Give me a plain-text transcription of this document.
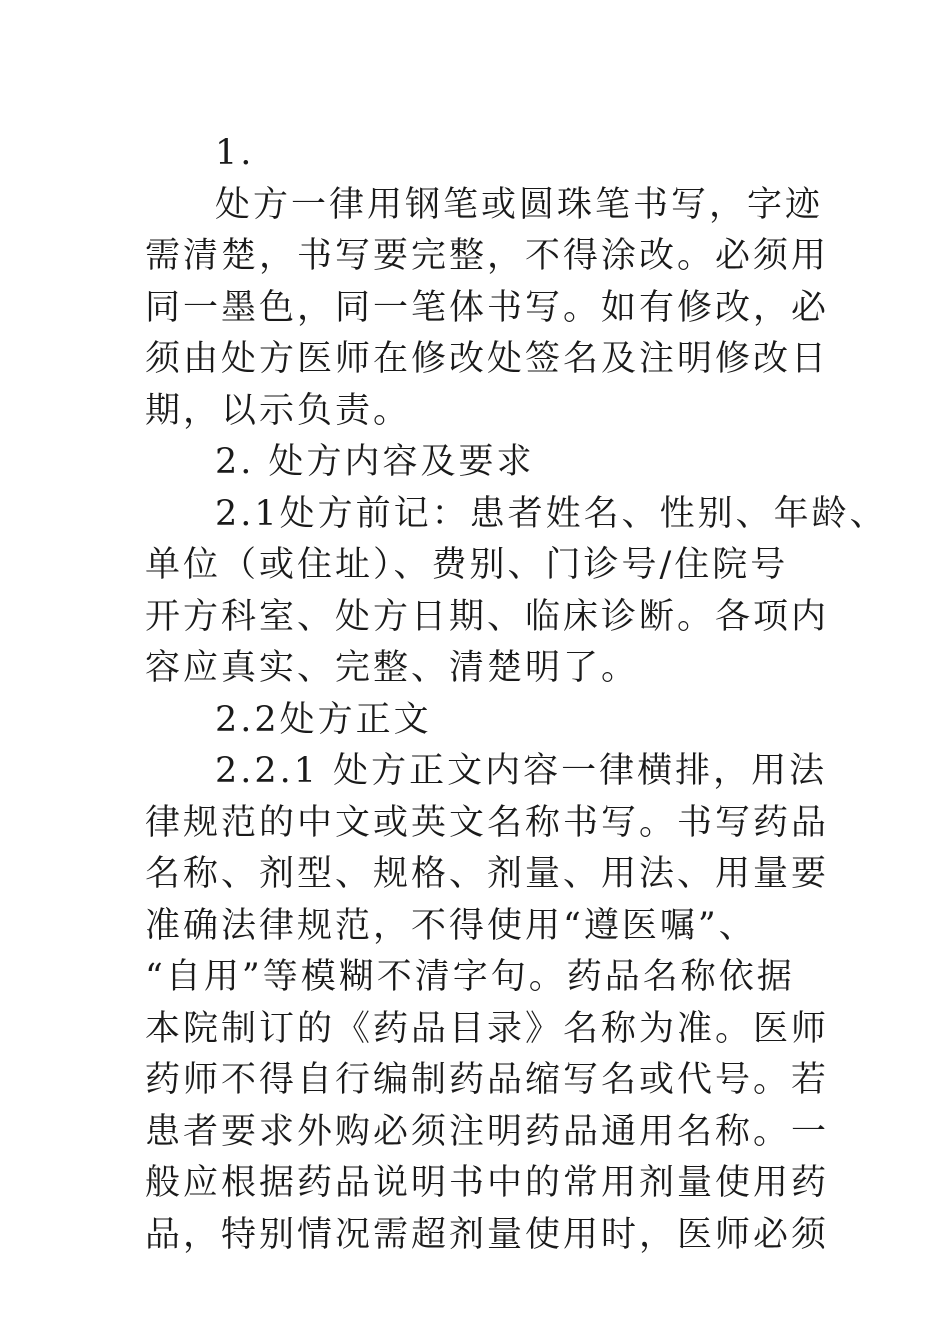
1.
处方一律用钢笔或圆珠笔书写，字迹
需清楚，书写要完整，不得涂改。必须用
同一墨色，同一笔体书写。如有修改，必
须由处方医师在修改处签名及注明修改日
期，以示负责。
2. 处方内容及要求
2.1处方前记：患者姓名、性别、年龄、
单位（或住址）、费别、门诊号/住院号
开方科室、处方日期、临床诊断。各项内
容应真实、完整、清楚明了。
2.2处方正文
2.2.1 处方正文内容一律横排，用法
律规范的中文或英文名称书写。书写药品
名称、剂型、规格、剂量、用法、用量要
准确法律规范，不得使用“遵医嘱”、
“自用”等模糊不清字句。药品名称依据
本院制订的《药品目录》名称为准。医师
药师不得自行编制药品缩写名或代号。若
患者要求外购必须注明药品通用名称。一
般应根据药品说明书中的常用剂量使用药
品，特别情况需超剂量使用时，医师必须
